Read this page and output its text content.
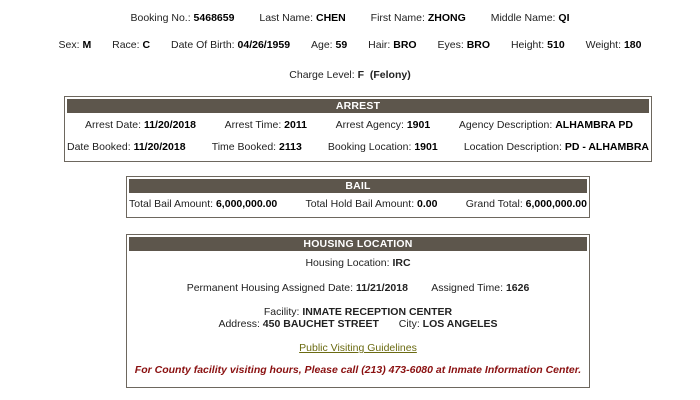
Booking No.: 5468659 Last Name: CHEN First Name: ZHONG Middle Name: QI
Sex: M Race: C Date Of Birth: 04/26/1959 Age: 59 Hair: BRO Eyes: BRO Height: 510 Weight: 180
Charge Level: F (Felony)
ARREST
Arrest Date: 11/20/2018	Arrest Time: 2011	Arrest Agency: 1901	Agency Description: ALHAMBRA PD
Date Booked: 11/20/2018 Time Booked: 2113 Booking Location: 1901 Location Description: PD - ALHAMBRA
BAIL
Total Bail Amount: 6,000,000.00	Total Hold Bail Amount: 0.00	Grand Total: 6,000,000.00
HOUSING LOCATION
Housing Location: IRC
Permanent Housing Assigned Date: 11/21/2018 Assigned Time: 1626
Facility: INMATE RECEPTION CENTER
Address: 450 BAUCHET STREET City: LOS ANGELES
Public Visiting Guidelines
For County facility visiting hours, Please call (213) 473-6080 at Inmate Information Center.
